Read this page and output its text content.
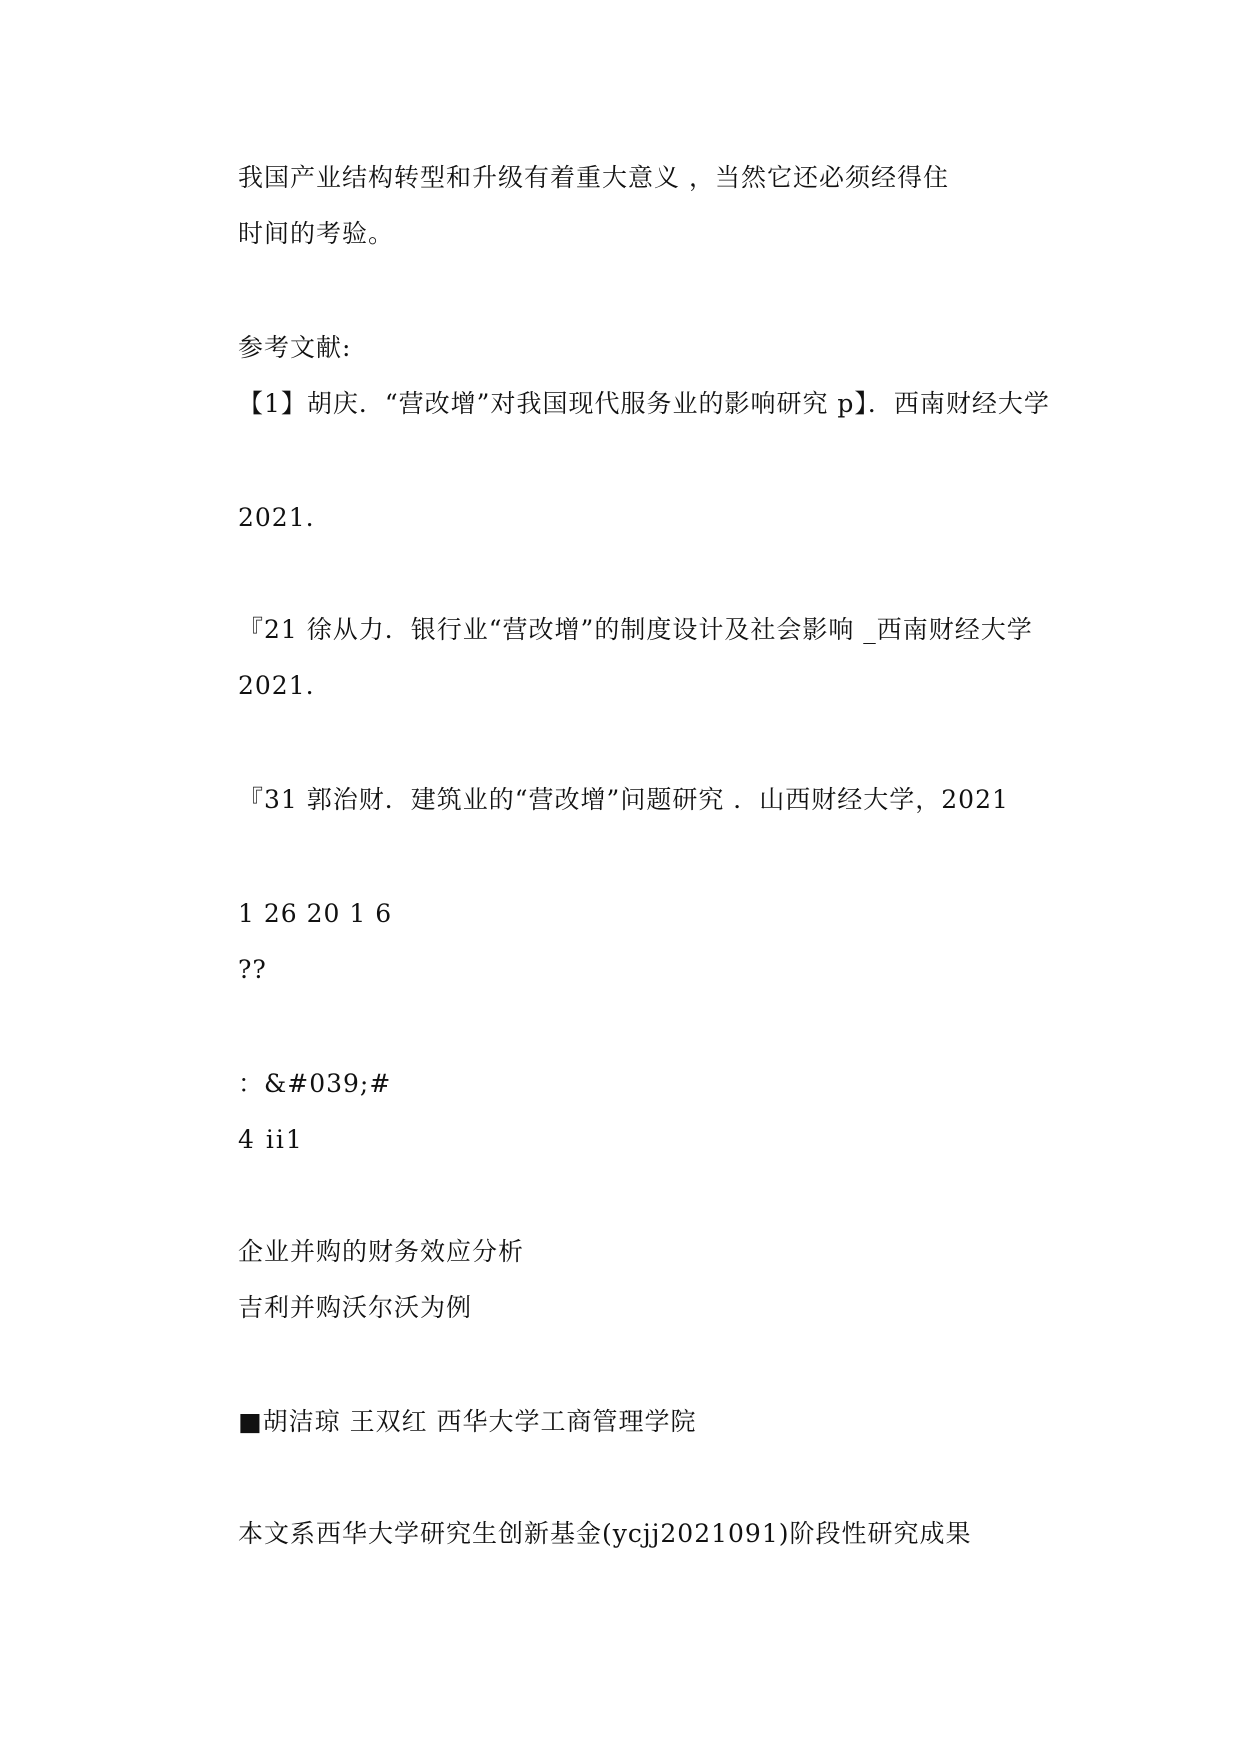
我国产业结构转型和升级有着重大意义 ，当然它还必须经得住
时间的考验。
参考文献:
【1】胡庆．“营改增”对我国现代服务业的影响研究 p】．西南财经大学
2021.
『21 徐从力．银行业“营改增”的制度设计及社会影响 _西南财经大学
2021.
『31 郭治财．建筑业的“营改增”问题研究 ．山西财经大学，2021
1 26 20 1 6
??
：&#039;#
4 ii1
企业并购的财务效应分析
吉利并购沃尔沃为例
■胡洁琼 王双红 西华大学工商管理学院
本文系西华大学研究生创新基金(ycjj2021091)阶段性研究成果
